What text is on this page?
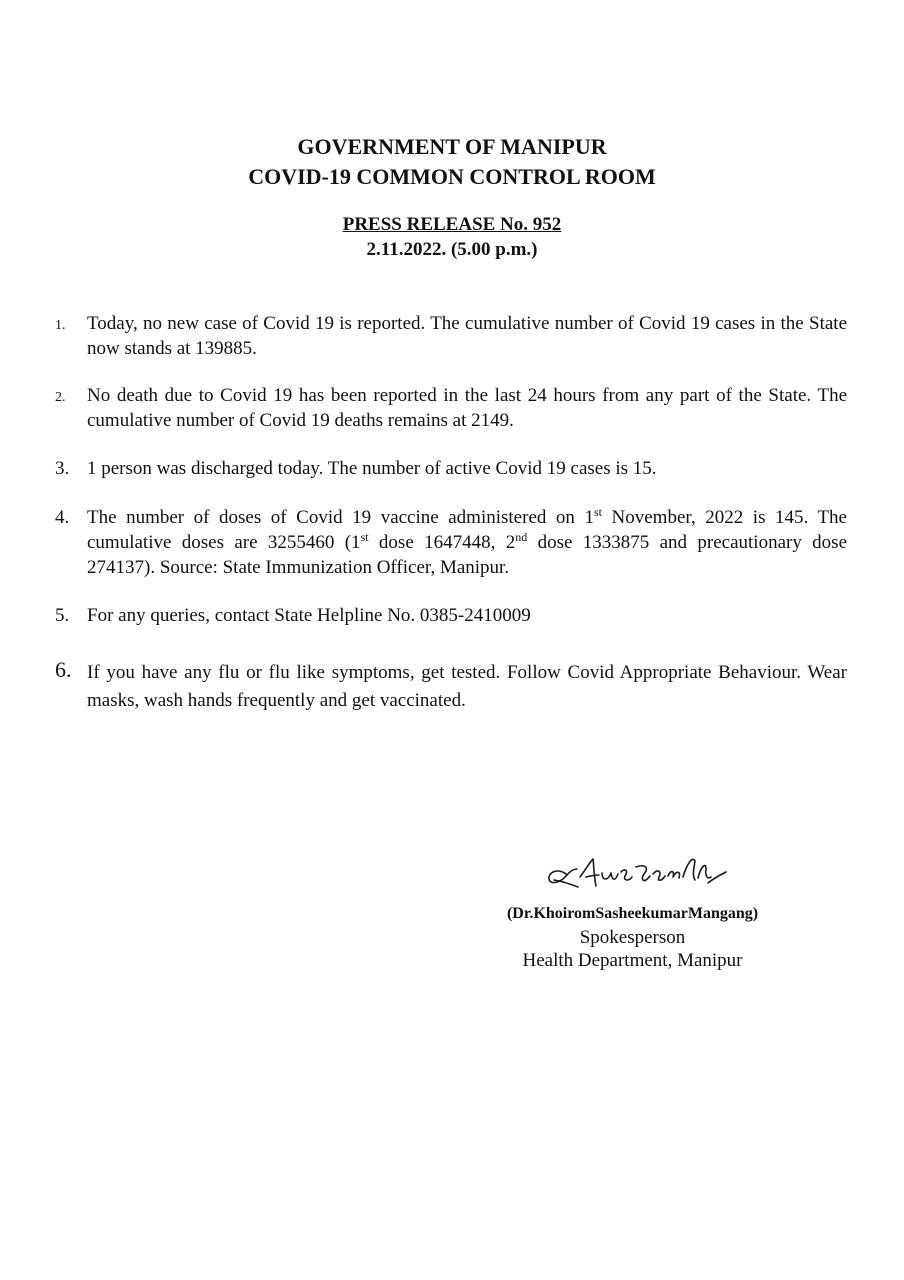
GOVERNMENT OF MANIPUR
COVID-19 COMMON CONTROL ROOM
PRESS RELEASE No. 952
2.11.2022. (5.00 p.m.)
1.	Today, no new case of Covid 19 is reported. The cumulative number of Covid 19 cases in the State now stands at 139885.
2.	No death due to Covid 19 has been reported in the last 24 hours from any part of the State. The cumulative number of Covid 19 deaths remains at 2149.
3. 1 person was discharged today. The number of active Covid 19 cases is 15.
4. The number of doses of Covid 19 vaccine administered on 1st November, 2022 is 145. The cumulative doses are 3255460 (1st dose 1647448, 2nd dose 1333875 and precautionary dose 274137). Source: State Immunization Officer, Manipur.
5. For any queries, contact State Helpline No. 0385-2410009
6. If you have any flu or flu like symptoms, get tested. Follow Covid Appropriate Behaviour. Wear masks, wash hands frequently and get vaccinated.
(Dr.KhoiromSasheekumarMangang)
Spokesperson
Health Department, Manipur
